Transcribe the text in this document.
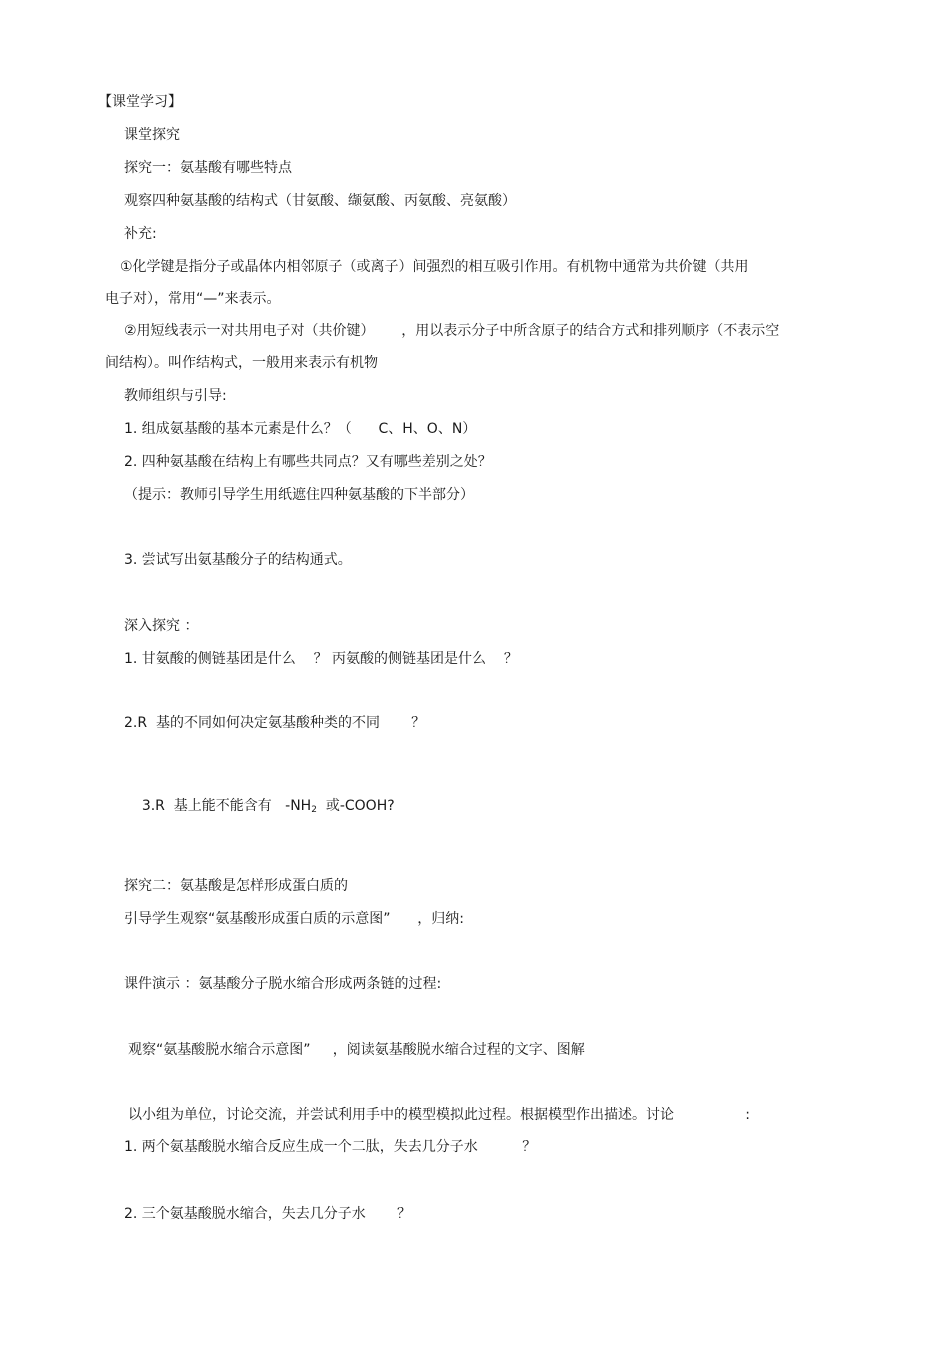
【课堂学习】
课堂探究
探究一：氨基酸有哪些特点
观察四种氨基酸的结构式（甘氨酸、缬氨酸、丙氨酸、亮氨酸）
补充:
①化学键是指分子或晶体内相邻原子（或离子）间强烈的相互吸引作用。有机物中通常为共价键（共用
电子对），常用“—”来表示。
②用短线表示一对共用电子对（共价键）      ，用以表示分子中所含原子的结合方式和排列顺序（不表示空
间结构）。叫作结构式，一般用来表示有机物
教师组织与引导:
1. 组成氨基酸的基本元素是什么？（      C、H、O、N）
2. 四种氨基酸在结构上有哪些共同点？又有哪些差别之处？
（提示：教师引导学生用纸遮住四种氨基酸的下半部分）
3. 尝试写出氨基酸分子的结构通式。
深入探究 ：
1. 甘氨酸的侧链基团是什么    ？ 丙氨酸的侧链基团是什么    ？
2.R  基的不同如何决定氨基酸种类的不同       ？

3.R  基上能不能含有   $-NH_2$  或-COOH?

探究二：氨基酸是怎样形成蛋白质的
引导学生观察“氨基酸形成蛋白质的示意图”      ，归纳:
课件演示 ：氨基酸分子脱水缩合形成两条链的过程:
观察“氨基酸脱水缩合示意图”     ，阅读氨基酸脱水缩合过程的文字、图解
以小组为单位，讨论交流，并尝试利用手中的模型模拟此过程。根据模型作出描述。讨论                :
1. 两个氨基酸脱水缩合反应生成一个二肽，失去几分子水          ？
2. 三个氨基酸脱水缩合，失去几分子水       ？
